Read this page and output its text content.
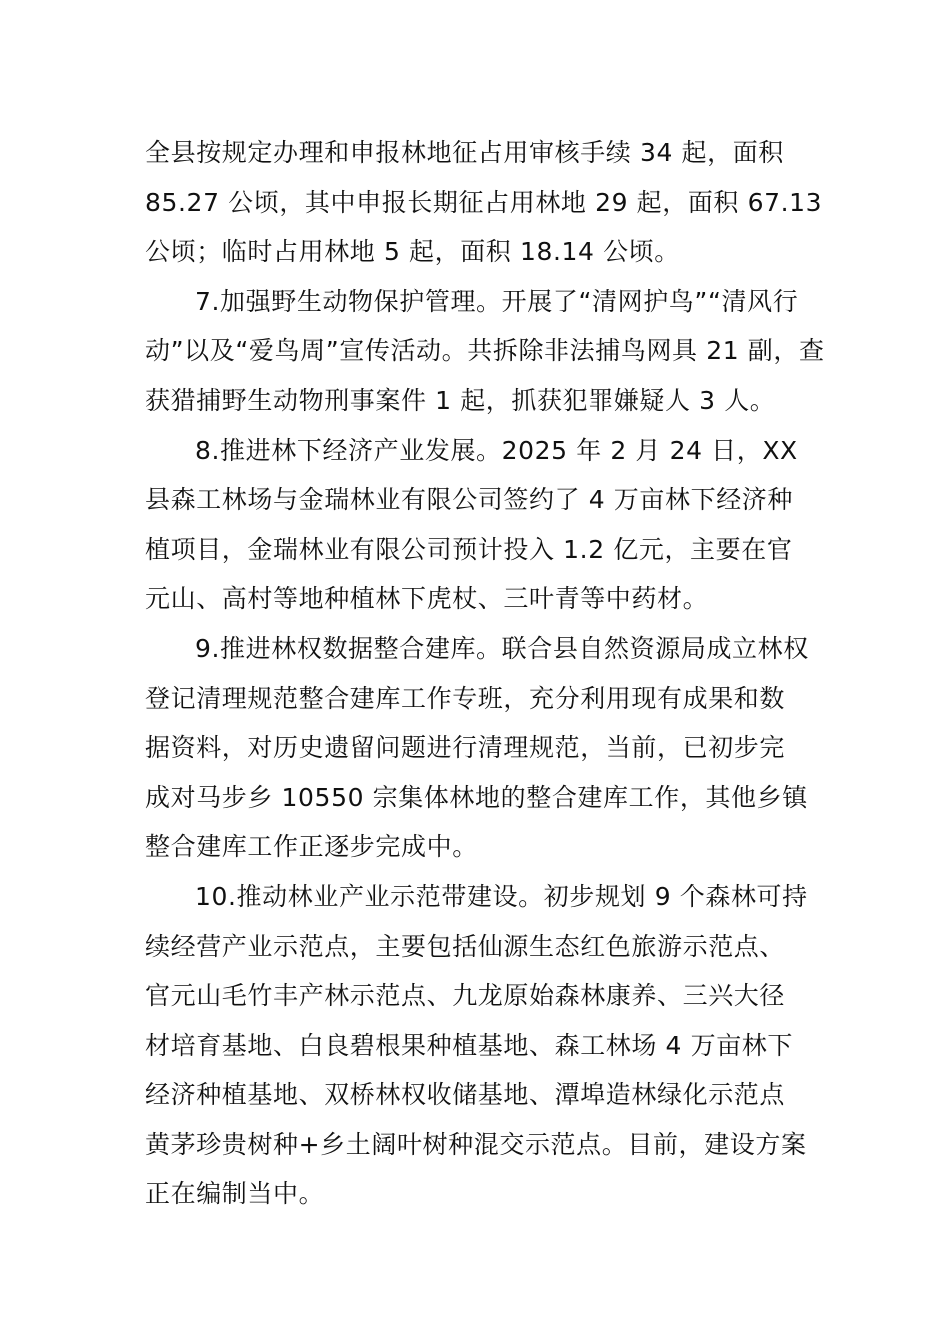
全县按规定办理和申报林地征占用审核手续 34 起，面积
85.27 公顷，其中申报长期征占用林地 29 起，面积 67.13
公顷；临时占用林地 5 起，面积 18.14 公顷。
7.加强野生动物保护管理。开展了“清网护鸟”“清风行
动”以及“爱鸟周”宣传活动。共拆除非法捕鸟网具 21 副，查
获猎捕野生动物刑事案件 1 起，抓获犯罪嫌疑人 3 人。
8.推进林下经济产业发展。2025 年 2 月 24 日，XX
县森工林场与金瑞林业有限公司签约了 4 万亩林下经济种
植项目，金瑞林业有限公司预计投入 1.2 亿元，主要在官
元山、高村等地种植林下虎杖、三叶青等中药材。
9.推进林权数据整合建库。联合县自然资源局成立林权
登记清理规范整合建库工作专班，充分利用现有成果和数
据资料，对历史遗留问题进行清理规范，当前，已初步完
成对马步乡 10550 宗集体林地的整合建库工作，其他乡镇
整合建库工作正逐步完成中。
10.推动林业产业示范带建设。初步规划 9 个森林可持
续经营产业示范点，主要包括仙源生态红色旅游示范点、
官元山毛竹丰产林示范点、九龙原始森林康养、三兴大径
材培育基地、白良碧根果种植基地、森工林场 4 万亩林下
经济种植基地、双桥林权收储基地、潭埠造林绿化示范点
黄茅珍贵树种+乡土阔叶树种混交示范点。目前，建设方案
正在编制当中。
